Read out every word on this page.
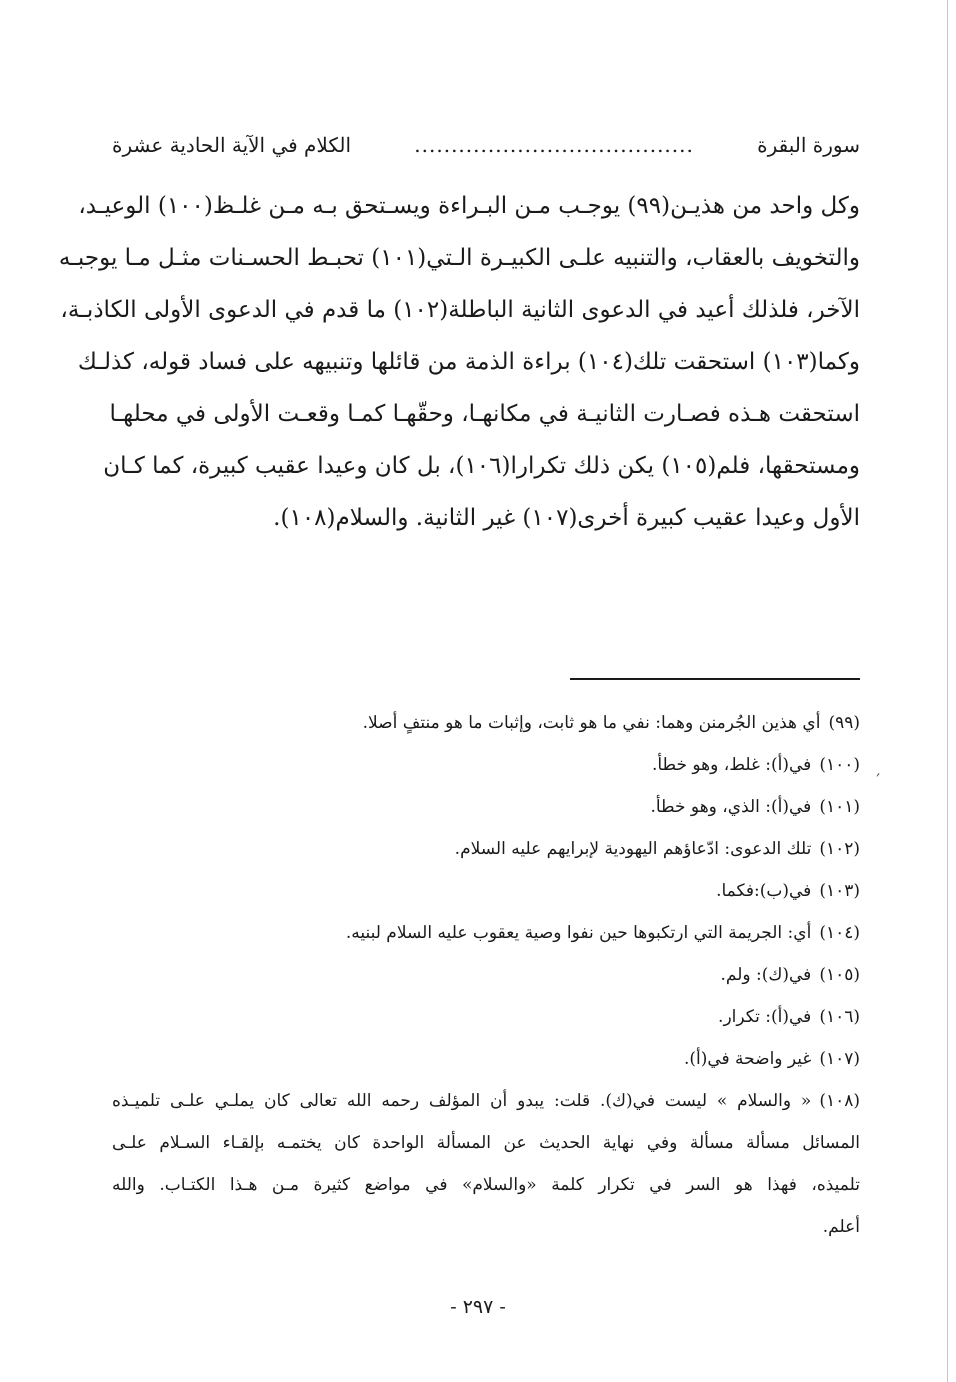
سورة البقرة
......................................
الكلام في الآية الحادية عشرة
وكل واحد من هذيـن(٩٩) يوجـب مـن البـراءة ويسـتحق بـه مـن غلـظ(١٠٠) الوعيـد،
والتخويف بالعقاب، والتنبيه علـى الكبيـرة الـتي(١٠١) تحبـط الحسـنات مثـل مـا يوجبـه
الآخر، فلذلك أعيد في الدعوى الثانية الباطلة(١٠٢) ما قدم في الدعوى الأولى الكاذبـة،
وكما(١٠٣) استحقت تلك(١٠٤) براءة الذمة من قائلها وتنبيهه على فساد قوله، كذلـك
استحقت هـذه فصـارت الثانيـة في مكانهـا، وحقّهـا كمـا وقعـت الأولى في محلهـا
ومستحقها، فلم(١٠٥) يكن ذلك تكرارا(١٠٦)، بل كان وعيدا عقيب كبيرة، كما كـان
الأول وعيدا عقيب كبيرة أخرى(١٠٧) غير الثانية. والسلام(١٠٨).
′
(٩٩)أي هذين الجُرمنن وهما: نفي ما هو ثابت، وإثبات ما هو منتفٍ أصلا.
(١٠٠)في(أ): غلط، وهو خطأ.
(١٠١)في(أ): الذي، وهو خطأ.
(١٠٢)تلك الدعوى: ادّعاؤهم اليهودية لإبرايهم عليه السلام.
(١٠٣)في(ب):فكما.
(١٠٤)أي: الجريمة التي ارتكبوها حين نفوا وصية يعقوب عليه السلام لبنيه.
(١٠٥)في(ك): ولم.
(١٠٦)في(أ): تكرار.
(١٠٧)غير واضحة في(أ).
(١٠٨)« والسلام » ليست في(ك). قلت: يبدو أن المؤلف رحمه الله تعالى كان يملـي علـى تلميـذه
المسائل مسألة مسألة وفي نهاية الحديث عن المسألة الواحدة كان يختمـه بإلقـاء السـلام علـى
تلميذه، فهذا هو السر في تكرار كلمة «والسلام» في مواضع كثيرة مـن هـذا الكتـاب. والله
أعلم.
- ٢٩٧ -
